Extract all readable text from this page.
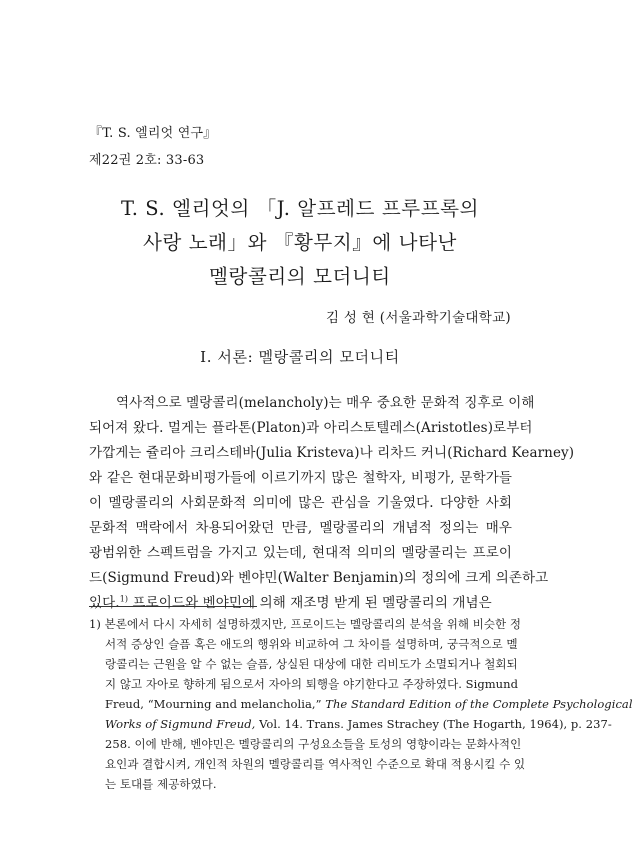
『T. S. 엘리엇 연구』
제22권 2호: 33-63
T. S. 엘리엇의 「J. 알프레드 프루프록의
사랑 노래」와 『황무지』에 나타난
멜랑콜리의 모더니티
김 성 현 (서울과학기술대학교)
Ⅰ. 서론: 멜랑콜리의 모더니티
역사적으로 멜랑콜리(melancholy)는 매우 중요한 문화적 징후로 이해
되어져 왔다. 멀게는 플라톤(Platon)과 아리스토텔레스(Aristotles)로부터
가깝게는 쥴리아 크리스테바(Julia Kristeva)나 리차드 커니(Richard Kearney)
와 같은 현대문화비평가들에 이르기까지 많은 철학자, 비평가, 문학가들
이 멜랑콜리의 사회문화적 의미에 많은 관심을 기울였다. 다양한 사회
문화적 맥락에서 차용되어왔던 만큼, 멜랑콜리의 개념적 정의는 매우
광범위한 스펙트럼을 가지고 있는데, 현대적 의미의 멜랑콜리는 프로이
드(Sigmund Freud)와 벤야민(Walter Benjamin)의 정의에 크게 의존하고
있다.$^{1)}$ 프로이드와 벤야민에 의해 재조명 받게 된 멜랑콜리의 개념은
1) 본론에서 다시 자세히 설명하겠지만, 프로이드는 멜랑콜리의 분석을 위해 비슷한 정
서적 증상인 슬픔 혹은 애도의 행위와 비교하여 그 차이를 설명하며, 궁극적으로 멜
랑콜리는 근원을 알 수 없는 슬픔, 상실된 대상에 대한 리비도가 소멸되거나 철회되
지 않고 자아로 향하게 됨으로서 자아의 퇴행을 야기한다고 주장하였다. Sigmund
Freud, “Mourning and melancholia,” The Standard Edition of the Complete Psychological
Works of Sigmund Freud, Vol. 14. Trans. James Strachey (The Hogarth, 1964), p. 237-
258. 이에 반해, 벤야민은 멜랑콜리의 구성요소들을 토성의 영향이라는 문화사적인
요인과 결합시켜, 개인적 차원의 멜랑콜리를 역사적인 수준으로 확대 적용시킬 수 있
는 토대를 제공하였다.
